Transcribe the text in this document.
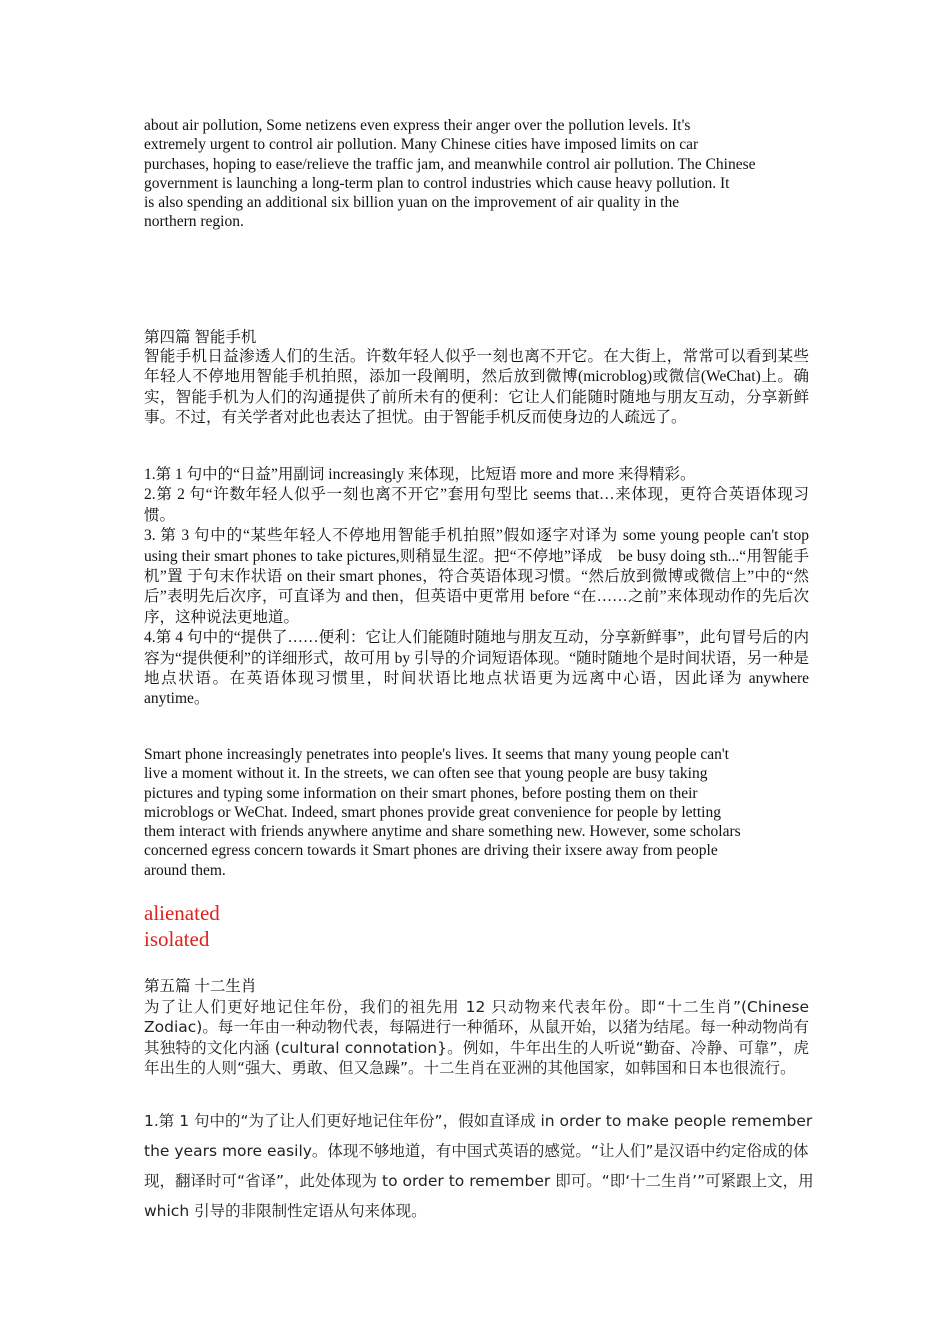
about air pollution, Some netizens even express their anger over the pollution levels. It's
extremely urgent to control air pollution. Many Chinese cities have imposed limits on car
purchases, hoping to ease/relieve the traffic jam, and meanwhile control air pollution. The Chinese
government is launching a long-term plan to control industries which cause heavy pollution. It
is also spending an additional six billion yuan on the improvement of air quality in the
northern region.
第四篇 智能手机
智能手机日益渗透人们的生活。许数年轻人似乎一刻也离不开它。在大街上，常常可以看到某些年轻人不停地用智能手机拍照，添加一段阐明，然后放到微博(microblog)或微信(WeChat)上。确实，智能手机为人们的沟通提供了前所未有的便利：它让人们能随时随地与朋友互动，分享新鲜事。不过，有关学者对此也表达了担忧。由于智能手机反而使身边的人疏远了。

1.第 1 句中的“日益”用副词 increasingly 来体现，比短语 more and more 来得精彩。

2.第 2 句“许数年轻人似乎一刻也离不开它”套用句型比 seems that…来体现，更符合英语体现习惯。

3. 第 3 句中的“某些年轻人不停地用智能手机拍照”假如逐字对译为 some young people can't stop using their smart phones to take pictures,则稍显生涩。把“不停地”译成　be busy doing sth...“用智能手机”置 于句末作状语 on their smart phones，符合英语体现习惯。“然后放到微博或微信上”中的“然后”表明先后次序，可直译为 and then，但英语中更常用 before “在……之前”来体现动作的先后次序，这种说法更地道。

4.第 4 句中的“提供了……便利：它让人们能随时随地与朋友互动，分享新鲜事”，此句冒号后的内容为“提供便利”的详细形式，故可用 by 引导的介词短语体现。“随时随地个是时间状语，另一种是地点状语。在英语体现习惯里，时间状语比地点状语更为远离中心语，因此译为 anywhere anytime。

Smart phone increasingly penetrates into people's lives. It seems that many young people can't
live a moment without it. In the streets, we can often see that young people are busy taking
pictures and typing some information on their smart phones, before posting them on their
microblogs or WeChat. Indeed, smart phones provide great convenience for people by letting
them interact with friends anywhere anytime and share something new. However, some scholars
concerned egress concern towards it Smart phones are driving their ixsere away from people
around them.
alienated
isolated
第五篇 十二生肖
为了让人们更好地记住年份，我们的祖先用 12 只动物来代表年份。即“十二生肖”(Chinese Zodiac)。每一年由一种动物代表，每隔进行一种循环，从鼠开始，以猪为结尾。每一种动物尚有其独特的文化内涵 (cultural connotation}。例如，牛年出生的人听说“勤奋、冷静、可靠”，虎年出生的人则“强大、勇敢、但又急躁”。十二生肖在亚洲的其他国家，如韩国和日本也很流行。
1.第 1 句中的“为了让人们更好地记住年份”，假如直译成 in order to make people remember the years more easily。体现不够地道，有中国式英语的感觉。“让人们”是汉语中约定俗成的体现，翻译时可“省译”，此处体现为 to order to remember 即可。“即‘十二生肖’”可紧跟上文，用 which 引导的非限制性定语从句来体现。
